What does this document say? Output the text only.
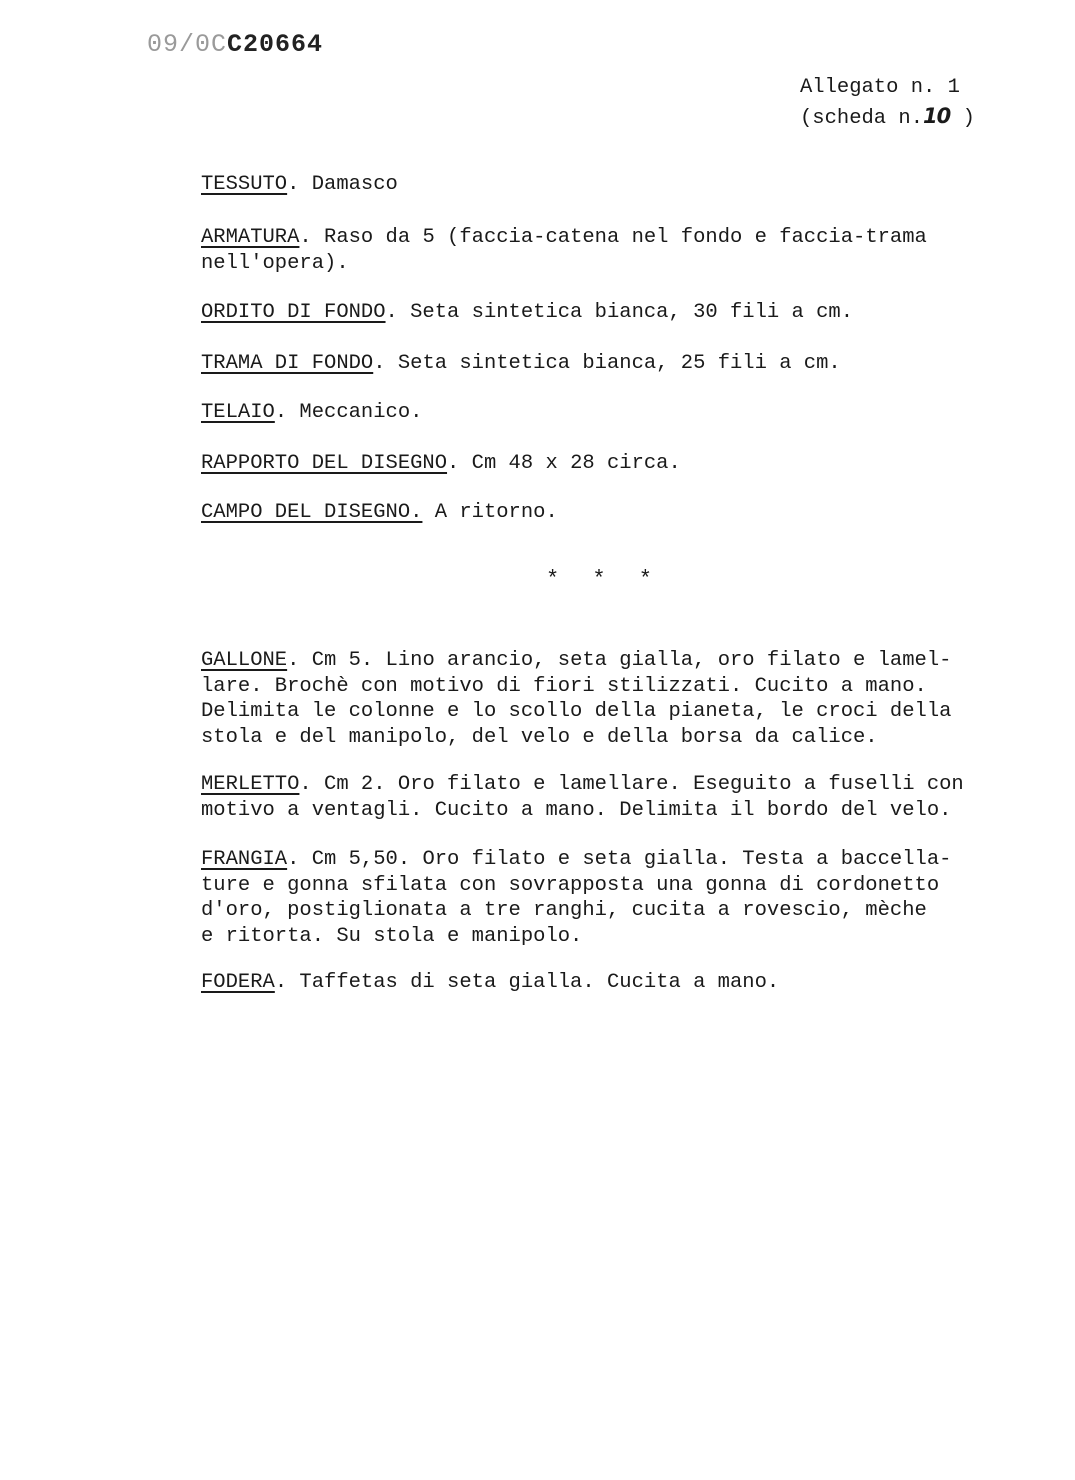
09/0CC20664
Allegato n. 1
(scheda n.10 )
TESSUTO. Damasco
ARMATURA. Raso da 5 (faccia-catena nel fondo e faccia-trama
nell'opera).
ORDITO DI FONDO. Seta sintetica bianca, 30 fili a cm.
TRAMA DI FONDO. Seta sintetica bianca, 25 fili a cm.
TELAIO. Meccanico.
RAPPORTO DEL DISEGNO. Cm 48 x 28 circa.
CAMPO DEL DISEGNO. A ritorno.
* * *
GALLONE. Cm 5. Lino arancio, seta gialla, oro filato e lamel-
lare. Brochè con motivo di fiori stilizzati. Cucito a mano.
Delimita le colonne e lo scollo della pianeta, le croci della
stola e del manipolo, del velo e della borsa da calice.
MERLETTO. Cm 2. Oro filato e lamellare. Eseguito a fuselli con
motivo a ventagli. Cucito a mano. Delimita il bordo del velo.
FRANGIA. Cm 5,50. Oro filato e seta gialla. Testa a baccella-
ture e gonna sfilata con sovrapposta una gonna di cordonetto
d'oro, postiglionata a tre ranghi, cucita a rovescio, mèche
e ritorta. Su stola e manipolo.
FODERA. Taffetas di seta gialla. Cucita a mano.
